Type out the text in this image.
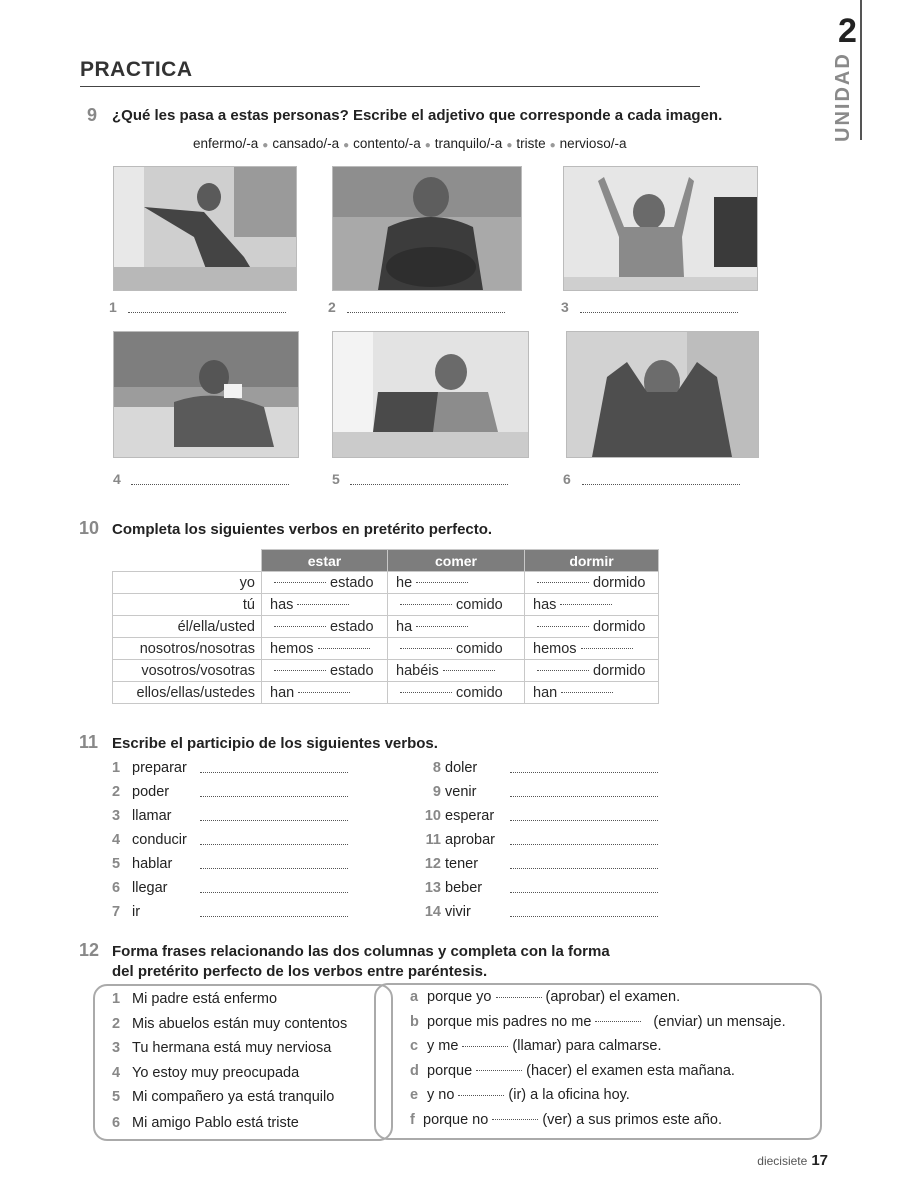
2
UNIDAD
PRACTICA
9 ¿Qué les pasa a estas personas? Escribe el adjetivo que corresponde a cada imagen.
enfermo/-a ● cansado/-a ● contento/-a ● tranquilo/-a ● triste ● nervioso/-a
1	2	3
4	5	6
10 Completa los siguientes verbos en pretérito perfecto.
	estar	comer	dormir
yo	estado	he	dormido
tú	has	comido	has
él/ella/usted	estado	ha	dormido
nosotros/nosotras	hemos	comido	hemos
vosotros/vosotras	estado	habéis	dormido
ellos/ellas/ustedes	han	comido	han
11 Escribe el participio de los siguientes verbos.
1 preparar
2 poder
3 llamar
4 conducir
5 hablar
6 llegar
7 ir
8 doler
9 venir
10 esperar
11 aprobar
12 tener
13 beber
14 vivir
12 Forma frases relacionando las dos columnas y completa con la forma
del pretérito perfecto de los verbos entre paréntesis.
1 Mi padre está enfermo
2 Mis abuelos están muy contentos
3 Tu hermana está muy nerviosa
4 Yo estoy muy preocupada
5 Mi compañero ya está tranquilo
6 Mi amigo Pablo está triste
a porque yo	(aprobar) el examen.
b porque mis padres no me	(enviar) un mensaje.
c y me	(llamar) para calmarse.
d porque	(hacer) el examen esta mañana.
e y no	(ir) a la oficina hoy.
f porque no	(ver) a sus primos este año.
diecisiete 17
